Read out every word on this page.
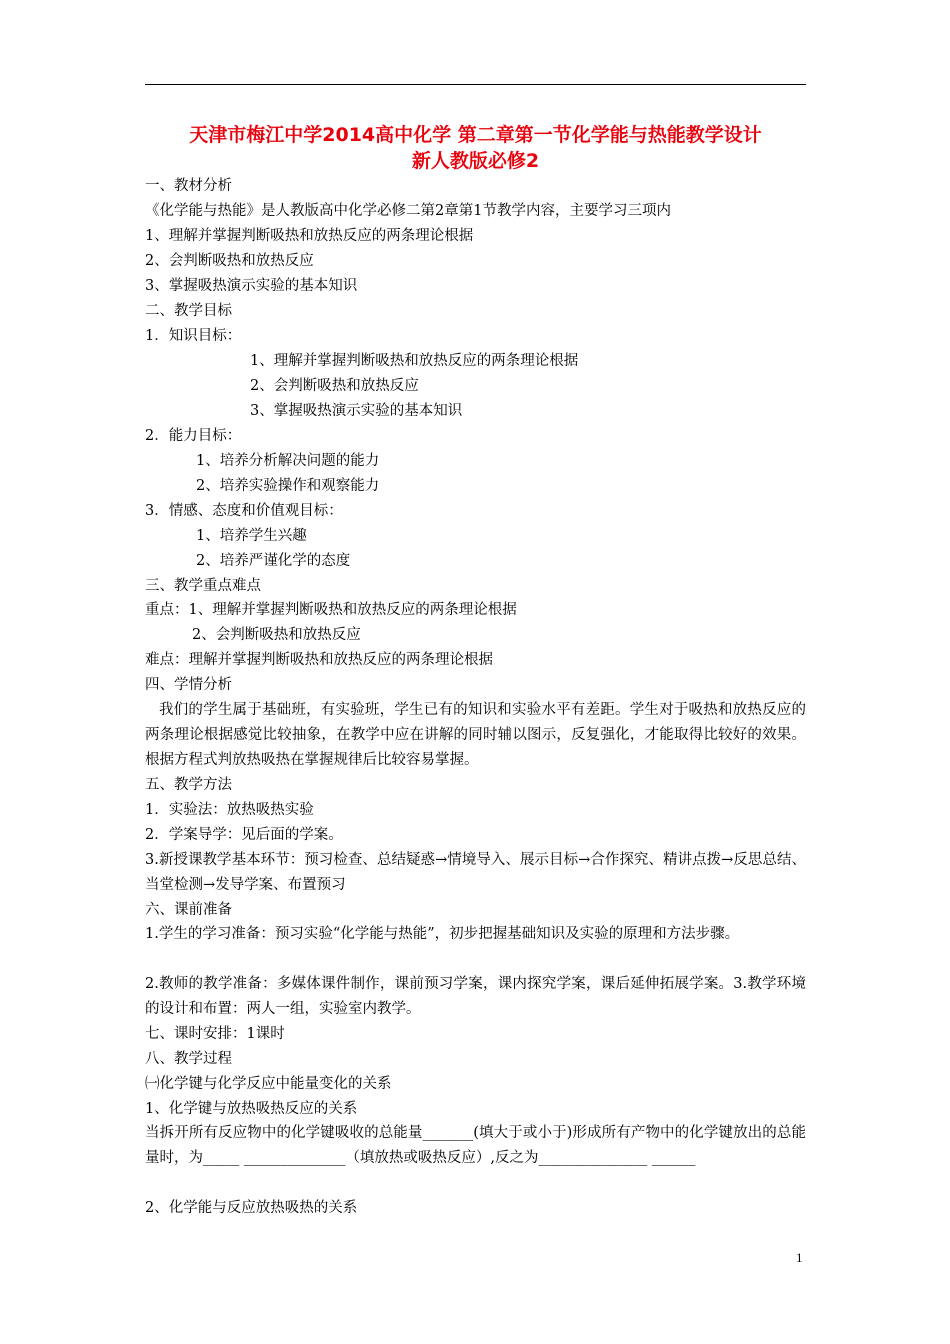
天津市梅江中学2014高中化学 第二章第一节化学能与热能教学设计
新人教版必修2
一、教材分析
《化学能与热能》是人教版高中化学必修二第2章第1节教学内容，主要学习三项内
1、理解并掌握判断吸热和放热反应的两条理论根据
2、会判断吸热和放热反应
3、掌握吸热演示实验的基本知识
二、教学目标
1．知识目标：
1、理解并掌握判断吸热和放热反应的两条理论根据
2、会判断吸热和放热反应
3、掌握吸热演示实验的基本知识
2．能力目标：
1、培养分析解决问题的能力
2、培养实验操作和观察能力
3．情感、态度和价值观目标：
1、培养学生兴趣
2、培养严谨化学的态度
三、教学重点难点
重点：1、理解并掌握判断吸热和放热反应的两条理论根据
2、会判断吸热和放热反应
难点：理解并掌握判断吸热和放热反应的两条理论根据
四、学情分析
我们的学生属于基础班，有实验班，学生已有的知识和实验水平有差距。学生对于吸热和放热反应的两条理论根据感觉比较抽象，在教学中应在讲解的同时辅以图示，反复强化，才能取得比较好的效果。根据方程式判放热吸热在掌握规律后比较容易掌握。
五、教学方法
1．实验法：放热吸热实验
2．学案导学：见后面的学案。
3.新授课教学基本环节：预习检查、总结疑惑→情境导入、展示目标→合作探究、精讲点拨→反思总结、当堂检测→发导学案、布置预习
六、课前准备
1.学生的学习准备：预习实验“化学能与热能”，初步把握基础知识及实验的原理和方法步骤。
2.教师的教学准备：多媒体课件制作，课前预习学案，课内探究学案，课后延伸拓展学案。3.教学环境的设计和布置：两人一组，实验室内教学。
七、课时安排：1课时
八、教学过程
㈠化学键与化学反应中能量变化的关系
1、化学键与放热吸热反应的关系
当拆开所有反应物中的化学键吸收的总能量_______(填大于或小于)形成所有产物中的化学键放出的总能量时，为_____ ______________（填放热或吸热反应）,反之为_______________ ______
2、化学能与反应放热吸热的关系
1
